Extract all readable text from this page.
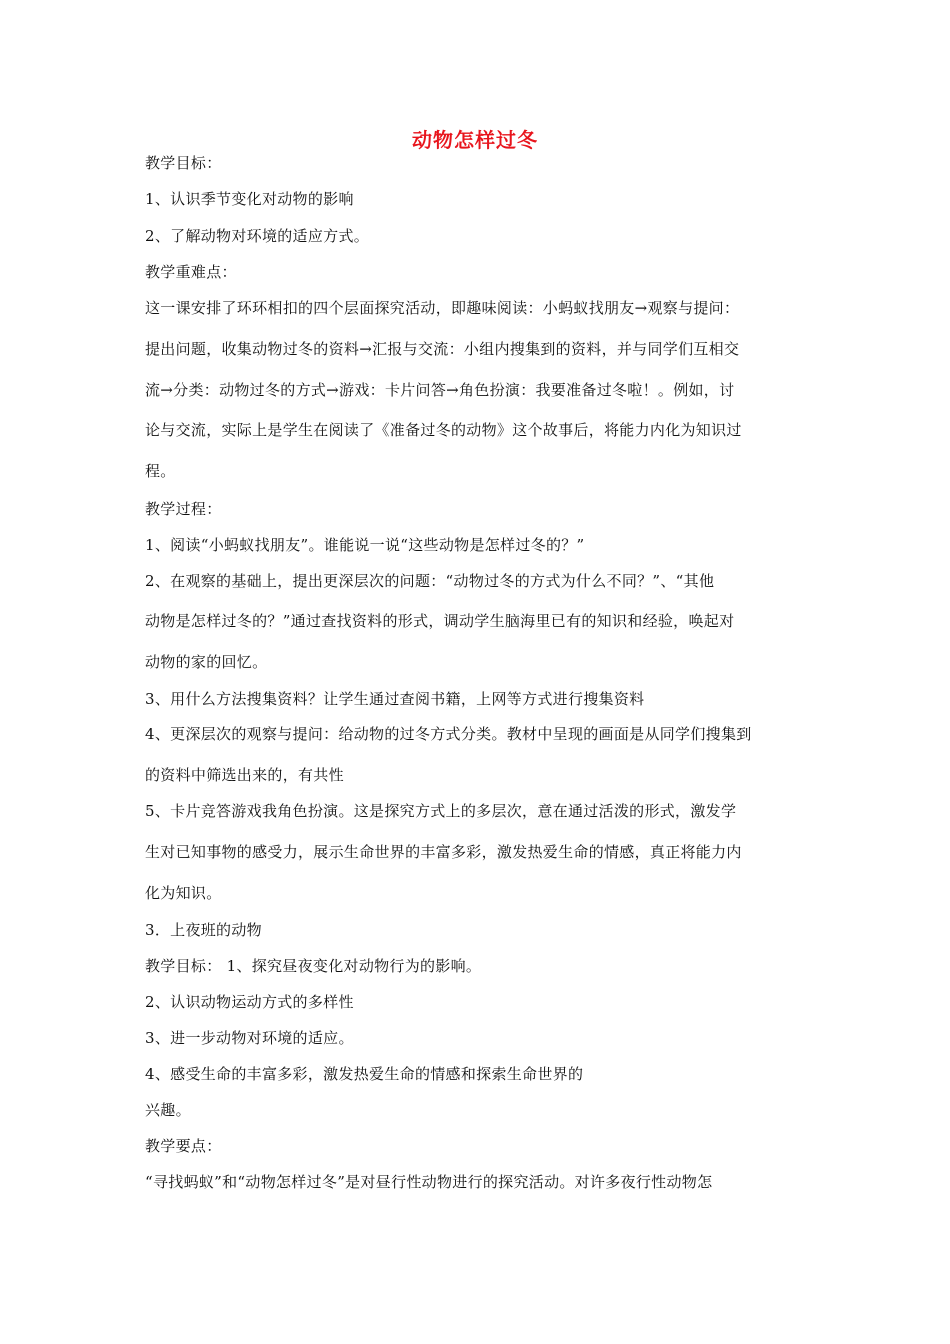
动物怎样过冬
教学目标：
1、认识季节变化对动物的影响
2、了解动物对环境的适应方式。
教学重难点：
这一课安排了环环相扣的四个层面探究活动，即趣味阅读：小蚂蚁找朋友→观察与提问：
提出问题，收集动物过冬的资料→汇报与交流：小组内搜集到的资料，并与同学们互相交
流→分类：动物过冬的方式→游戏：卡片问答→角色扮演：我要准备过冬啦！。例如，讨
论与交流，实际上是学生在阅读了《准备过冬的动物》这个故事后，将能力内化为知识过
程。
教学过程：
1、阅读“小蚂蚁找朋友”。谁能说一说“这些动物是怎样过冬的？”
2、在观察的基础上，提出更深层次的问题：“动物过冬的方式为什么不同？”、“其他
动物是怎样过冬的？”通过查找资料的形式，调动学生脑海里已有的知识和经验，唤起对
动物的家的回忆。
3、用什么方法搜集资料？让学生通过查阅书籍，上网等方式进行搜集资料
4、更深层次的观察与提问：给动物的过冬方式分类。教材中呈现的画面是从同学们搜集到
的资料中筛选出来的，有共性
5、卡片竞答游戏我角色扮演。这是探究方式上的多层次，意在通过活泼的形式，激发学
生对已知事物的感受力，展示生命世界的丰富多彩，激发热爱生命的情感，真正将能力内
化为知识。
3．上夜班的动物
教学目标： 1、探究昼夜变化对动物行为的影响。
2、认识动物运动方式的多样性
3、进一步动物对环境的适应。
4、感受生命的丰富多彩，激发热爱生命的情感和探索生命世界的
兴趣。
教学要点：
“寻找蚂蚁”和“动物怎样过冬”是对昼行性动物进行的探究活动。对许多夜行性动物怎
